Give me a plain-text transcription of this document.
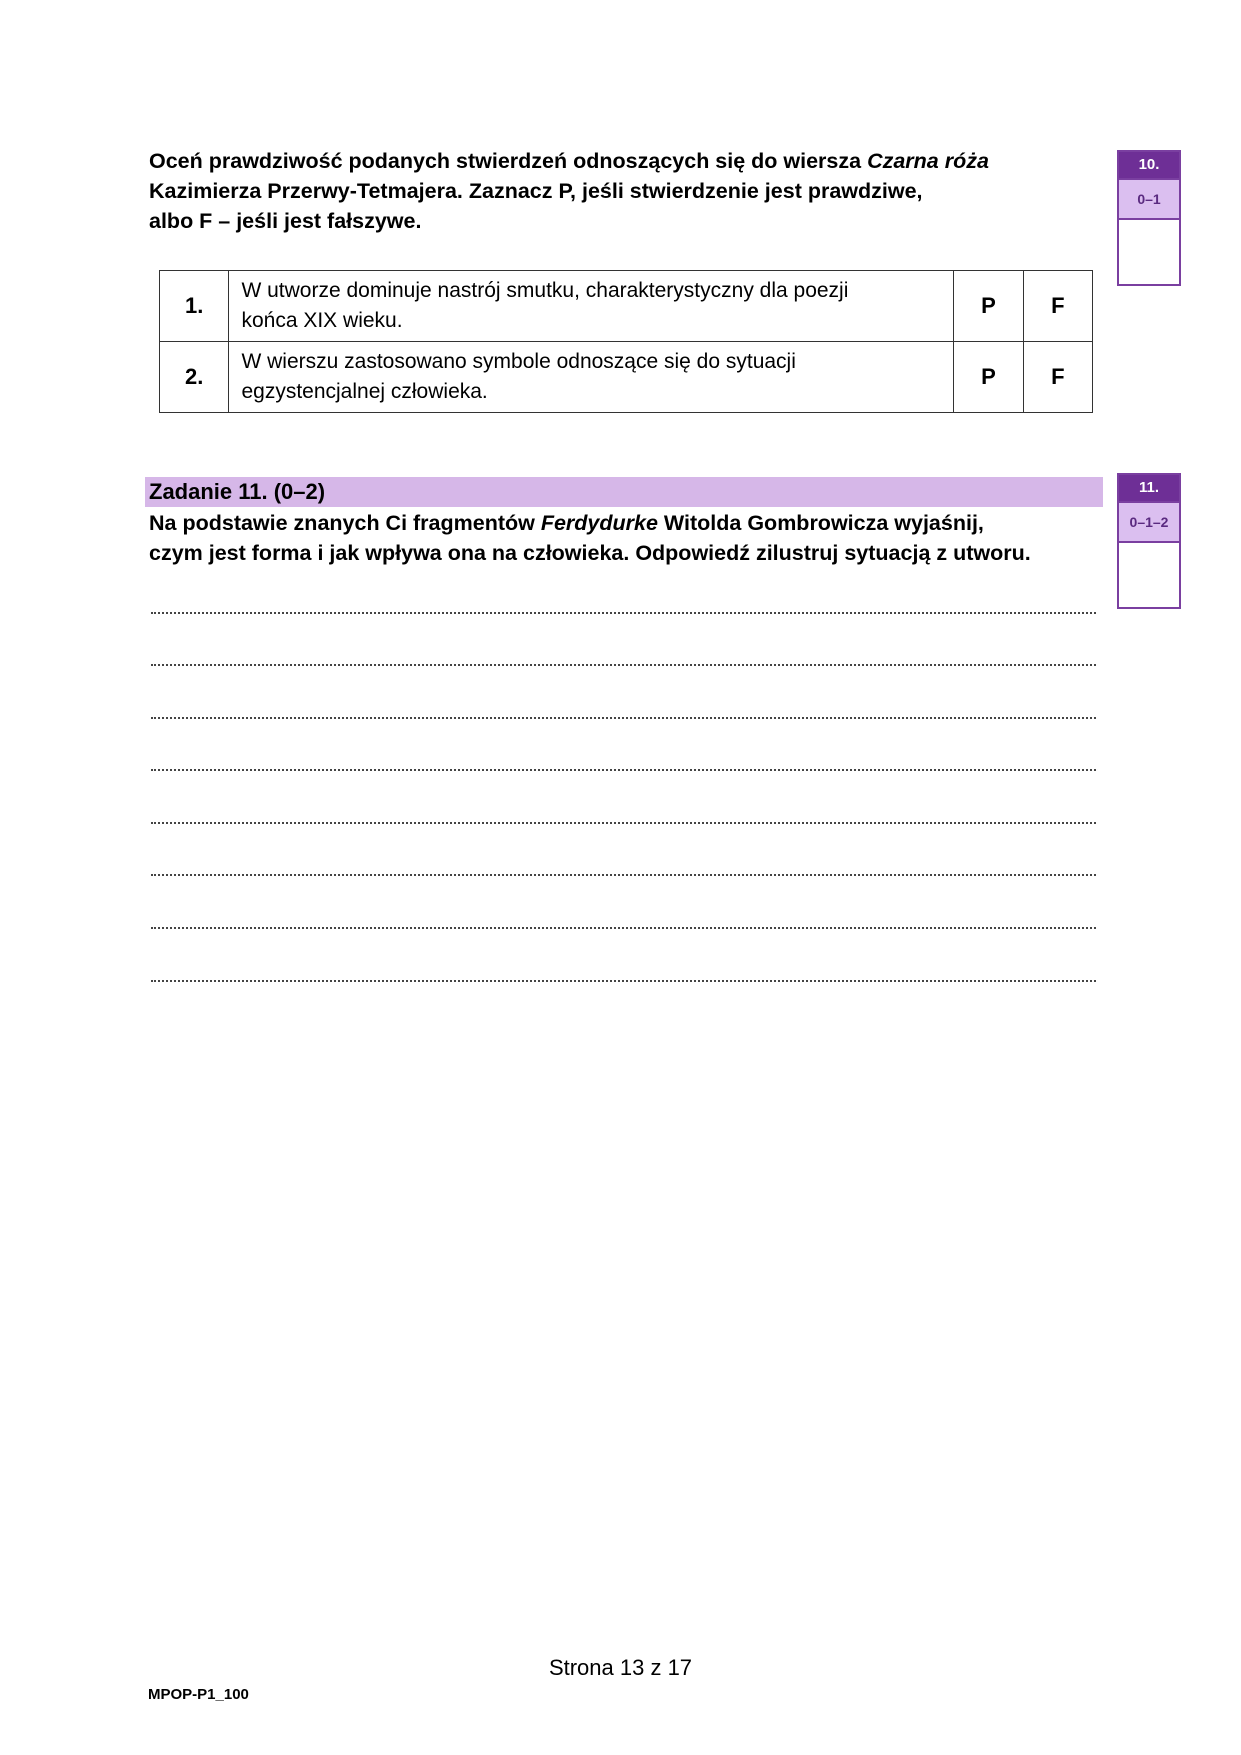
Oceń prawdziwość podanych stwierdzeń odnoszących się do wiersza Czarna róża
Kazimierza Przerwy-Tetmajera. Zaznacz P, jeśli stwierdzenie jest prawdziwe,
albo F – jeśli jest fałszywe.
10.
0–1
1.	W utworze dominuje nastrój smutku, charakterystyczny dla poezji
końca XIX wieku.	P	F
2.	W wierszu zastosowano symbole odnoszące się do sytuacji
egzystencjalnej człowieka.	P	F
Zadanie 11. (0–2)	11.
0–1–2
Na podstawie znanych Ci fragmentów Ferdydurke Witolda Gombrowicza wyjaśnij,
czym jest forma i jak wpływa ona na człowieka. Odpowiedź zilustruj sytuacją z utworu.
Strona 13 z 17
MPOP-P1_100
